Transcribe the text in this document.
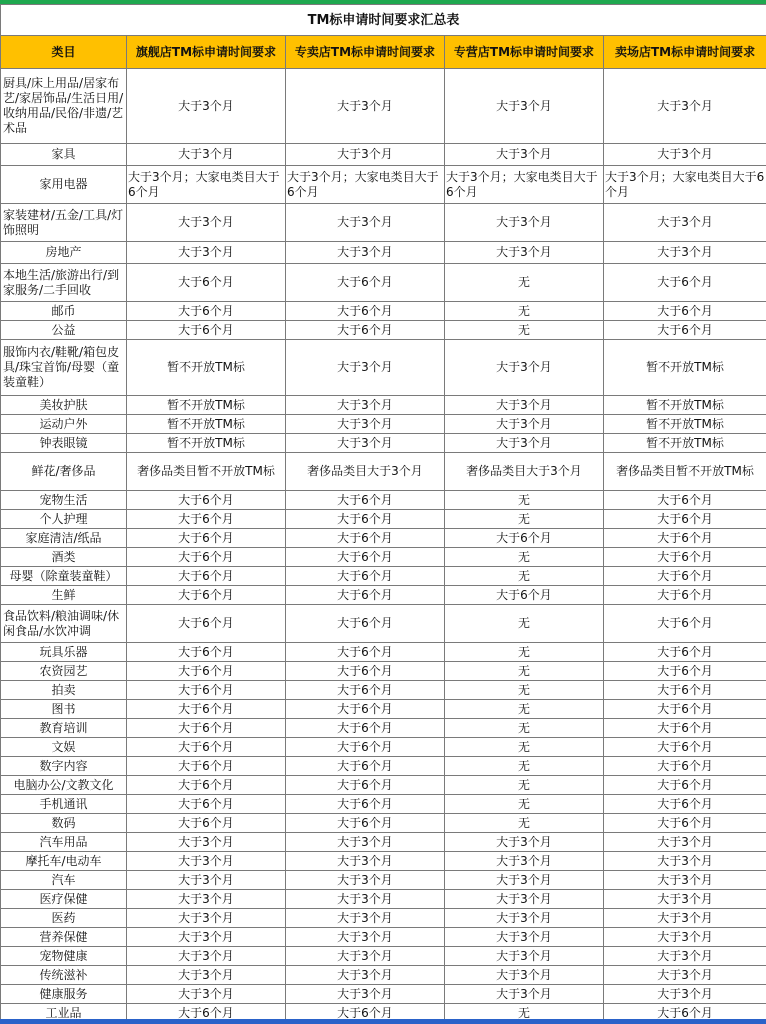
TM标申请时间要求汇总表				
类目	旗舰店TM标申请时间要求	专卖店TM标申请时间要求	专营店TM标申请时间要求	卖场店TM标申请时间要求
厨具/床上用品/居家布艺/家居饰品/生活日用/收纳用品/民俗/非遗/艺术品	大于3个月	大于3个月	大于3个月	大于3个月
家具	大于3个月	大于3个月	大于3个月	大于3个月
家用电器	大于3个月；大家电类目大于6个月	大于3个月；大家电类目大于6个月	大于3个月；大家电类目大于6个月	大于3个月；大家电类目大于6个月
家装建材/五金/工具/灯饰照明	大于3个月	大于3个月	大于3个月	大于3个月
房地产	大于3个月	大于3个月	大于3个月	大于3个月
本地生活/旅游出行/到家服务/二手回收	大于6个月	大于6个月	无	大于6个月
邮币	大于6个月	大于6个月	无	大于6个月
公益	大于6个月	大于6个月	无	大于6个月
服饰内衣/鞋靴/箱包皮具/珠宝首饰/母婴（童装童鞋）	暂不开放TM标	大于3个月	大于3个月	暂不开放TM标
美妆护肤	暂不开放TM标	大于3个月	大于3个月	暂不开放TM标
运动户外	暂不开放TM标	大于3个月	大于3个月	暂不开放TM标
钟表眼镜	暂不开放TM标	大于3个月	大于3个月	暂不开放TM标
鲜花/奢侈品	奢侈品类目暂不开放TM标	奢侈品类目大于3个月	奢侈品类目大于3个月	奢侈品类目暂不开放TM标
宠物生活	大于6个月	大于6个月	无	大于6个月
个人护理	大于6个月	大于6个月	无	大于6个月
家庭清洁/纸品	大于6个月	大于6个月	大于6个月	大于6个月
酒类	大于6个月	大于6个月	无	大于6个月
母婴（除童装童鞋）	大于6个月	大于6个月	无	大于6个月
生鲜	大于6个月	大于6个月	大于6个月	大于6个月
食品饮料/粮油调味/休闲食品/水饮冲调	大于6个月	大于6个月	无	大于6个月
玩具乐器	大于6个月	大于6个月	无	大于6个月
农资园艺	大于6个月	大于6个月	无	大于6个月
拍卖	大于6个月	大于6个月	无	大于6个月
图书	大于6个月	大于6个月	无	大于6个月
教育培训	大于6个月	大于6个月	无	大于6个月
文娱	大于6个月	大于6个月	无	大于6个月
数字内容	大于6个月	大于6个月	无	大于6个月
电脑办公/文教文化	大于6个月	大于6个月	无	大于6个月
手机通讯	大于6个月	大于6个月	无	大于6个月
数码	大于6个月	大于6个月	无	大于6个月
汽车用品	大于3个月	大于3个月	大于3个月	大于3个月
摩托车/电动车	大于3个月	大于3个月	大于3个月	大于3个月
汽车	大于3个月	大于3个月	大于3个月	大于3个月
医疗保健	大于3个月	大于3个月	大于3个月	大于3个月
医药	大于3个月	大于3个月	大于3个月	大于3个月
营养保健	大于3个月	大于3个月	大于3个月	大于3个月
宠物健康	大于3个月	大于3个月	大于3个月	大于3个月
传统滋补	大于3个月	大于3个月	大于3个月	大于3个月
健康服务	大于3个月	大于3个月	大于3个月	大于3个月
工业品	大于6个月	大于6个月	无	大于6个月
